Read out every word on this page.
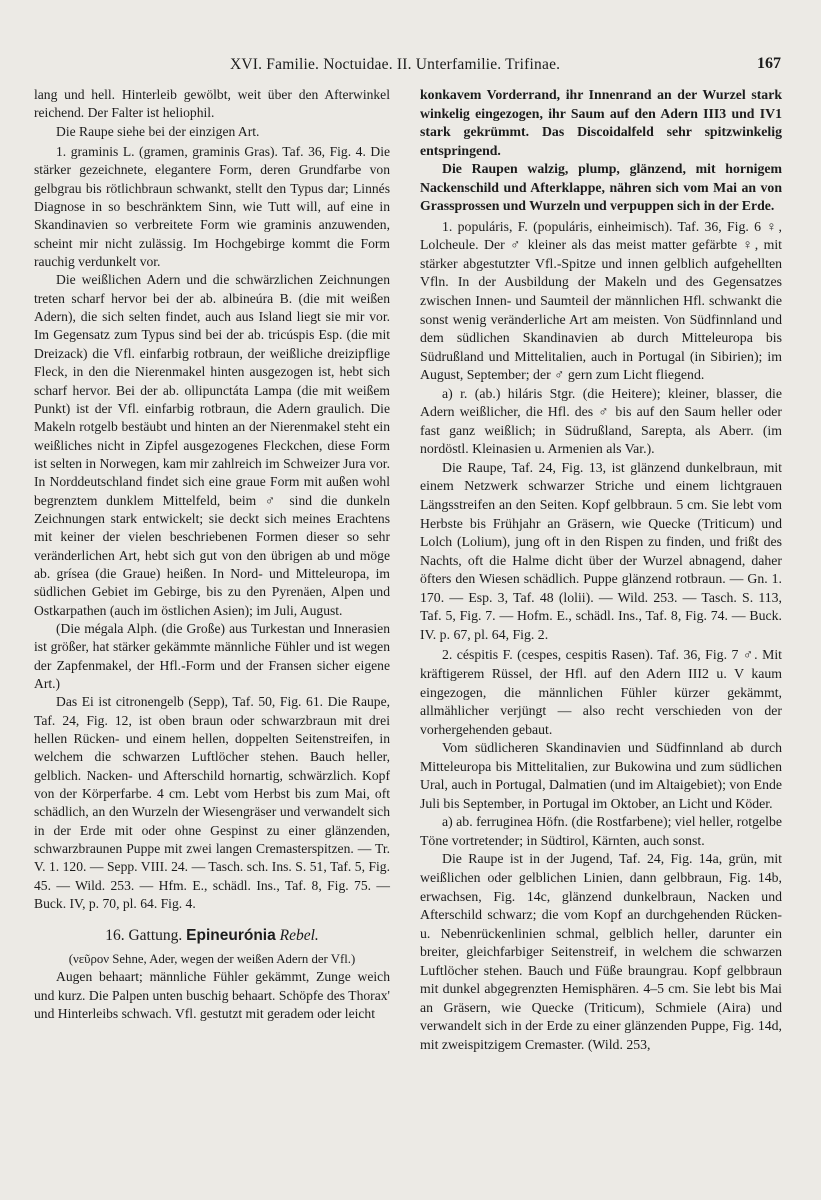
XVI. Familie. Noctuidae. II. Unterfamilie. Trifinae.	167

lang und hell. Hinterleib gewölbt, weit über den Afterwinkel reichend. Der Falter ist heliophil.

Die Raupe siehe bei der einzigen Art.

1. graminis L. (gramen, graminis Gras). Taf. 36, Fig. 4. Die stärker gezeichnete, elegantere Form, deren Grundfarbe von gelbgrau bis rötlichbraun schwankt, stellt den Typus dar; Linnés Diagnose in so beschränktem Sinn, wie Tutt will, auf eine in Skandinavien so verbreitete Form wie graminis anzuwenden, scheint mir nicht zulässig. Im Hochgebirge kommt die Form rauchig verdunkelt vor.

Die weißlichen Adern und die schwärzlichen Zeichnungen treten scharf hervor bei der ab. albineúra B. (die mit weißen Adern), die sich selten findet, auch aus Island liegt sie mir vor. Im Gegensatz zum Typus sind bei der ab. tricúspis Esp. (die mit Dreizack) die Vfl. einfarbig rotbraun, der weißliche dreizipflige Fleck, in den die Nierenmakel hinten ausgezogen ist, hebt sich scharf hervor. Bei der ab. ollipunctáta Lampa (die mit weißem Punkt) ist der Vfl. einfarbig rotbraun, die Adern graulich. Die Makeln rotgelb bestäubt und hinten an der Nierenmakel steht ein weißliches nicht in Zipfel ausgezogenes Fleckchen, diese Form ist selten in Norwegen, kam mir zahlreich im Schweizer Jura vor. In Norddeutschland findet sich eine graue Form mit außen wohl begrenztem dunklem Mittelfeld, beim ♂ sind die dunkeln Zeichnungen stark entwickelt; sie deckt sich meines Erachtens mit keiner der vielen beschriebenen Formen dieser so sehr veränderlichen Art, hebt sich gut von den übrigen ab und möge ab. grísea (die Graue) heißen. In Nord- und Mitteleuropa, im südlichen Gebiet im Gebirge, bis zu den Pyrenäen, Alpen und Ostkarpathen (auch im östlichen Asien); im Juli, August.

(Die mégala Alph. (die Große) aus Turkestan und Innerasien ist größer, hat stärker gekämmte männliche Fühler und ist wegen der Zapfenmakel, der Hfl.-Form und der Fransen sicher eigene Art.)

Das Ei ist citronengelb (Sepp), Taf. 50, Fig. 61. Die Raupe, Taf. 24, Fig. 12, ist oben braun oder schwarzbraun mit drei hellen Rücken- und einem hellen, doppelten Seitenstreifen, in welchem die schwarzen Luftlöcher stehen. Bauch heller, gelblich. Nacken- und Afterschild hornartig, schwärzlich. Kopf von der Körperfarbe. 4 cm. Lebt vom Herbst bis zum Mai, oft schädlich, an den Wurzeln der Wiesengräser und verwandelt sich in der Erde mit oder ohne Gespinst zu einer glänzenden, schwarzbraunen Puppe mit zwei langen Cremasterspitzen. — Tr. V. 1. 120. — Sepp. VIII. 24. — Tasch. sch. Ins. S. 51, Taf. 5, Fig. 45. — Wild. 253. — Hfm. E., schädl. Ins., Taf. 8, Fig. 75. — Buck. IV, p. 70, pl. 64. Fig. 4.

16. Gattung. Epineurónia Rebel.

(νεῦρον Sehne, Ader, wegen der weißen Adern der Vfl.)

Augen behaart; männliche Fühler gekämmt, Zunge weich und kurz. Die Palpen unten buschig behaart. Schöpfe des Thorax' und Hinterleibs schwach. Vfl. gestutzt mit geradem oder leicht

konkavem Vorderrand, ihr Innenrand an der Wurzel stark winkelig eingezogen, ihr Saum auf den Adern III3 und IV1 stark gekrümmt. Das Discoidalfeld sehr spitzwinkelig entspringend.

Die Raupen walzig, plump, glänzend, mit hornigem Nackenschild und Afterklappe, nähren sich vom Mai an von Grassprossen und Wurzeln und verpuppen sich in der Erde.

1. populáris, F. (populáris, einheimisch). Taf. 36, Fig. 6 ♀, Lolcheule. Der ♂ kleiner als das meist matter gefärbte ♀, mit stärker abgestutzter Vfl.-Spitze und innen gelblich aufgehellten Vfln. In der Ausbildung der Makeln und des Gegensatzes zwischen Innen- und Saumteil der männlichen Hfl. schwankt die sonst wenig veränderliche Art am meisten. Von Südfinnland und dem südlichen Skandinavien ab durch Mitteleuropa bis Südrußland und Mittelitalien, auch in Portugal (in Sibirien); im August, September; der ♂ gern zum Licht fliegend.

a) r. (ab.) hiláris Stgr. (die Heitere); kleiner, blasser, die Adern weißlicher, die Hfl. des ♂ bis auf den Saum heller oder fast ganz weißlich; in Südrußland, Sarepta, als Aberr. (im nordöstl. Kleinasien u. Armenien als Var.).

Die Raupe, Taf. 24, Fig. 13, ist glänzend dunkelbraun, mit einem Netzwerk schwarzer Striche und einem lichtgrauen Längsstreifen an den Seiten. Kopf gelbbraun. 5 cm. Sie lebt vom Herbste bis Frühjahr an Gräsern, wie Quecke (Triticum) und Lolch (Lolium), jung oft in den Rispen zu finden, und frißt des Nachts, oft die Halme dicht über der Wurzel abnagend, daher öfters den Wiesen schädlich. Puppe glänzend rotbraun. — Gn. 1. 170. — Esp. 3, Taf. 48 (lolii). — Wild. 253. — Tasch. S. 113, Taf. 5, Fig. 7. — Hofm. E., schädl. Ins., Taf. 8, Fig. 74. — Buck. IV. p. 67, pl. 64, Fig. 2.

2. céspitis F. (cespes, cespitis Rasen). Taf. 36, Fig. 7 ♂. Mit kräftigerem Rüssel, der Hfl. auf den Adern III2 u. V kaum eingezogen, die männlichen Fühler kürzer gekämmt, allmählicher verjüngt — also recht verschieden von der vorhergehenden gebaut.

Vom südlicheren Skandinavien und Südfinnland ab durch Mitteleuropa bis Mittelitalien, zur Bukowina und zum südlichen Ural, auch in Portugal, Dalmatien (und im Altaigebiet); von Ende Juli bis September, in Portugal im Oktober, an Licht und Köder.

a) ab. ferruginea Höfn. (die Rostfarbene); viel heller, rotgelbe Töne vortretender; in Südtirol, Kärnten, auch sonst.

Die Raupe ist in der Jugend, Taf. 24, Fig. 14a, grün, mit weißlichen oder gelblichen Linien, dann gelbbraun, Fig. 14b, erwachsen, Fig. 14c, glänzend dunkelbraun, Nacken und Afterschild schwarz; die vom Kopf an durchgehenden Rücken- u. Nebenrückenlinien schmal, gelblich heller, darunter ein breiter, gleichfarbiger Seitenstreif, in welchem die schwarzen Luftlöcher stehen. Bauch und Füße braungrau. Kopf gelbbraun mit dunkel abgegrenzten Hemisphären. 4–5 cm. Sie lebt bis Mai an Gräsern, wie Quecke (Triticum), Schmiele (Aira) und verwandelt sich in der Erde zu einer glänzenden Puppe, Fig. 14d, mit zweispitzigem Cremaster. (Wild. 253,
